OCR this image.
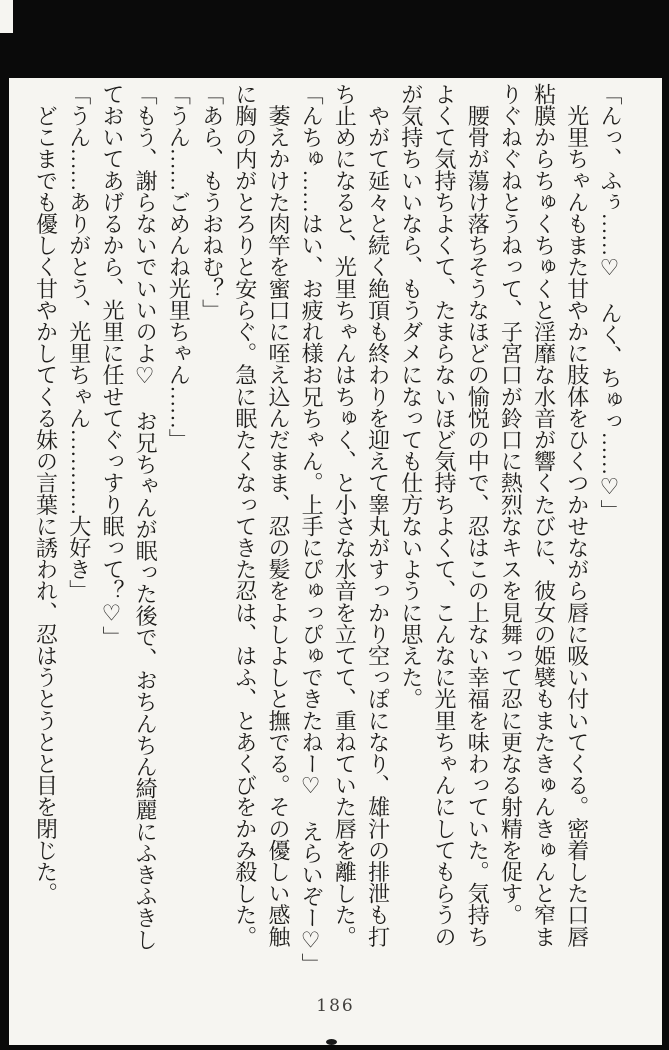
「んっ、ふぅ……♡　んく、ちゅっ……♡」
　光里ちゃんもまた甘やかに肢体をひくつかせながら唇に吸い付いてくる。密着した口唇
粘膜からちゅくちゅくと淫靡な水音が響くたびに、彼女の姫襞もまたきゅんきゅんと窄ま
りぐねぐねとうねって、子宮口が鈴口に熱烈なキスを見舞って忍に更なる射精を促す。
　腰骨が蕩け落ちそうなほどの愉悦の中で、忍はこの上ない幸福を味わっていた。気持ち
よくて気持ちよくて、たまらないほど気持ちよくて、こんなに光里ちゃんにしてもらうの
が気持ちいいなら、もうダメになっても仕方ないように思えた。
　やがて延々と続く絶頂も終わりを迎えて睾丸がすっかり空っぽになり、雄汁の排泄も打
ち止めになると、光里ちゃんはちゅく、と小さな水音を立てて、重ねていた唇を離した。
「んちゅ……はい、お疲れ様お兄ちゃん。上手にぴゅっぴゅできたねー♡　えらいぞー♡」
　萎えかけた肉竿を蜜口に咥え込んだまま、忍の髪をよしよしと撫でる。その優しい感触
に胸の内がとろりと安らぐ。急に眠たくなってきた忍は、はふ、とあくびをかみ殺した。
「あら、もうおねむ？」
「うん……ごめんね光里ちゃん……」
「もう、謝らないでいいのよ♡　お兄ちゃんが眠った後で、おちんちん綺麗にふきふきし
ておいてあげるから、光里に任せてぐっすり眠って？♡」
「うん……ありがとう、光里ちゃん…………大好き」
　どこまでも優しく甘やかしてくる妹の言葉に誘われ、忍はうとうとと目を閉じた。
186
